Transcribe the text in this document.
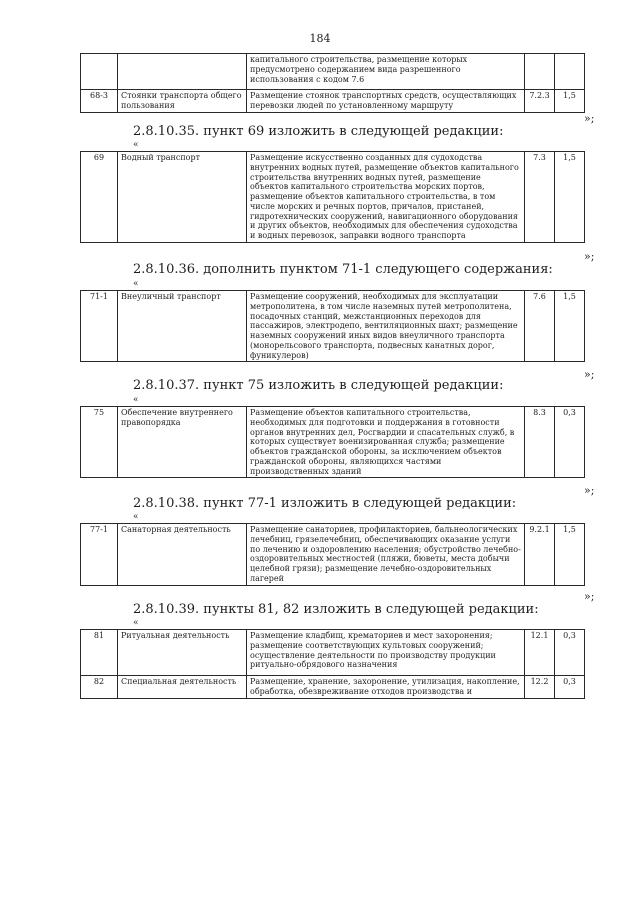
184
		капитального строительства, размещение которых предусмотрено содержанием вида разрешенного использования с кодом 7.6		
68-3	Стоянки транспорта общего пользования	Размещение стоянок транспортных средств, осуществляющих перевозки людей по установленному маршруту	7.2.3	1,5
»;
2.8.10.35. пункт 69 изложить в следующей редакции:
«
69	Водный транспорт	Размещение искусственно созданных для судоходства внутренних водных путей, размещение объектов капитального строительства внутренних водных путей, размещение объектов капитального строительства морских портов, размещение объектов капитального строительства, в том числе морских и речных портов, причалов, пристаней, гидротехнических сооружений, навигационного оборудования и других объектов, необходимых для обеспечения судоходства и водных перевозок, заправки водного транспорта	7.3	1,5
»;
2.8.10.36. дополнить пунктом 71-1 следующего содержания:
«
71-1	Внеуличный транспорт	Размещение сооружений, необходимых для эксплуатации метрополитена, в том числе наземных путей метрополитена, посадочных станций, межстанционных переходов для пассажиров, электродепо, вентиляционных шахт; размещение наземных сооружений иных видов внеуличного транспорта (монорельсового транспорта, подвесных канатных дорог, фуникулеров)	7.6	1,5
»;
2.8.10.37. пункт 75 изложить в следующей редакции:
«
75	Обеспечение внутреннего правопорядка	Размещение объектов капитального строительства, необходимых для подготовки и поддержания в готовности органов внутренних дел, Росгвардии и спасательных служб, в которых существует военизированная служба; размещение объектов гражданской обороны, за исключением объектов гражданской обороны, являющихся частями производственных зданий	8.3	0,3
»;
2.8.10.38. пункт 77-1 изложить в следующей редакции:
«
77-1	Санаторная деятельность	Размещение санаториев, профилакториев, бальнеологических лечебниц, грязелечебниц, обеспечивающих оказание услуги по лечению и оздоровлению населения; обустройство лечебно-оздоровительных местностей (пляжи, бюветы, места добычи целебной грязи); размещение лечебно-оздоровительных лагерей	9.2.1	1,5
»;
2.8.10.39. пункты 81, 82 изложить в следующей редакции:
«
81	Ритуальная деятельность	Размещение кладбищ, крематориев и мест захоронения; размещение соответствующих культовых сооружений; осуществление деятельности по производству продукции ритуально-обрядового назначения	12.1	0,3
82	Специальная деятельность	Размещение, хранение, захоронение, утилизация, накопление, обработка, обезвреживание отходов производства и	12.2	0,3
